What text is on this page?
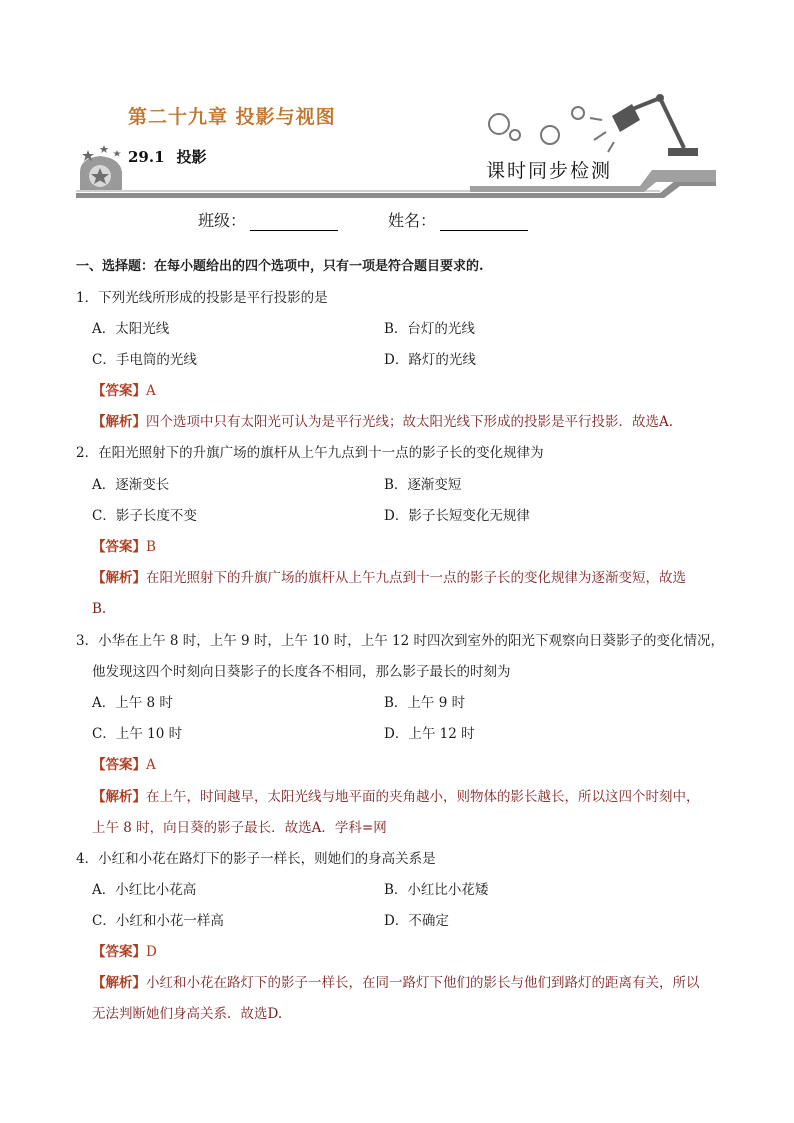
第二十九章 投影与视图
29.1 投影
课时同步检测
班级：	姓名：
一、选择题：在每小题给出的四个选项中，只有一项是符合题目要求的.
1．下列光线所形成的投影是平行投影的是
A．太阳光线	B．台灯的光线
C．手电筒的光线	D．路灯的光线
【答案】A
【解析】四个选项中只有太阳光可认为是平行光线；故太阳光线下形成的投影是平行投影．故选A.
2．在阳光照射下的升旗广场的旗杆从上午九点到十一点的影子长的变化规律为
A．逐渐变长	B．逐渐变短
C．影子长度不变	D．影子长短变化无规律
【答案】B
【解析】在阳光照射下的升旗广场的旗杆从上午九点到十一点的影子长的变化规律为逐渐变短，故选
B.
3．小华在上午 8 时，上午 9 时，上午 10 时，上午 12 时四次到室外的阳光下观察向日葵影子的变化情况，
他发现这四个时刻向日葵影子的长度各不相同，那么影子最长的时刻为
A．上午 8 时	B．上午 9 时
C．上午 10 时	D．上午 12 时
【答案】A
【解析】在上午，时间越早，太阳光线与地平面的夹角越小，则物体的影长越长，所以这四个时刻中，
上午 8 时，向日葵的影子最长．故选A．学科=网
4．小红和小花在路灯下的影子一样长，则她们的身高关系是
A．小红比小花高	B．小红比小花矮
C．小红和小花一样高	D．不确定
【答案】D
【解析】小红和小花在路灯下的影子一样长，在同一路灯下他们的影长与他们到路灯的距离有关，所以
无法判断她们身高关系．故选D.
